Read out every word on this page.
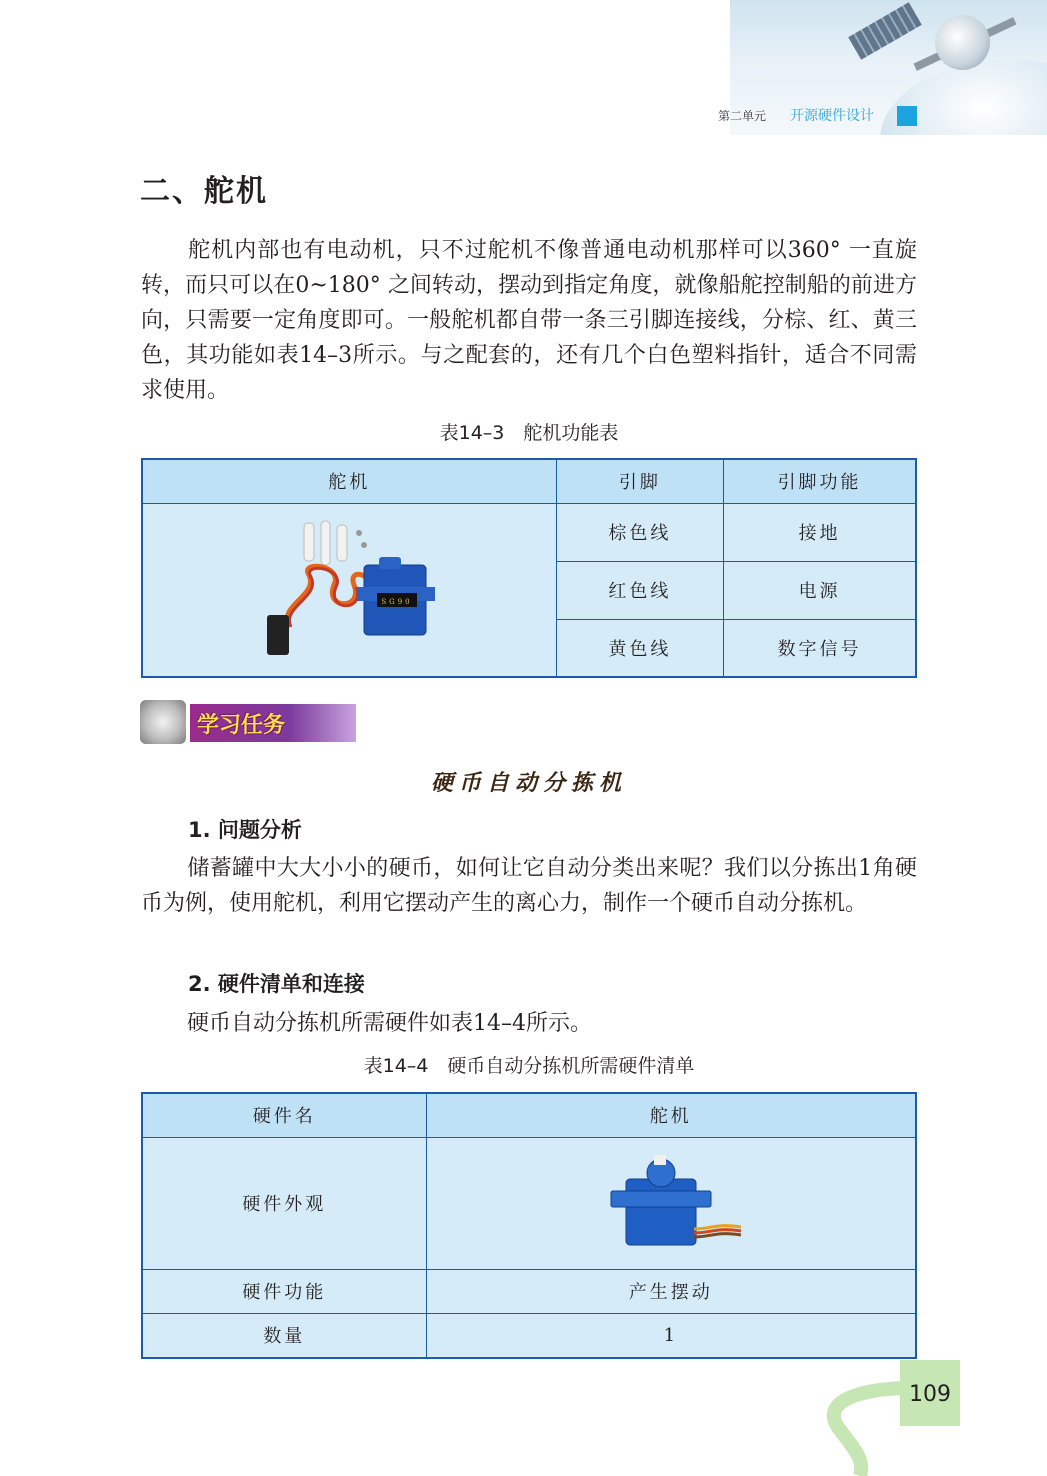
第二单元 开源硬件设计
二、舵机

舵机内部也有电动机，只不过舵机不像普通电动机那样可以360° 一直旋转，而只可以在0~180° 之间转动，摆动到指定角度，就像船舵控制船的前进方向，只需要一定角度即可。一般舵机都自带一条三引脚连接线，分棕、红、黄三色，其功能如表14–3所示。与之配套的，还有几个白色塑料指针，适合不同需求使用。

表14–3　舵机功能表
舵机	引脚	引脚功能

SG90	棕色线	接地
	红色线	电源
	黄色线	数字信号
学习任务
硬币自动分拣机
1. 问题分析

储蓄罐中大大小小的硬币，如何让它自动分类出来呢？我们以分拣出1角硬币为例，使用舵机，利用它摆动产生的离心力，制作一个硬币自动分拣机。

2. 硬件清单和连接

硬币自动分拣机所需硬件如表14–4所示。

表14–4　硬币自动分拣机所需硬件清单
硬件名	舵机
硬件外观	
硬件功能	产生摆动
数量	1
109
